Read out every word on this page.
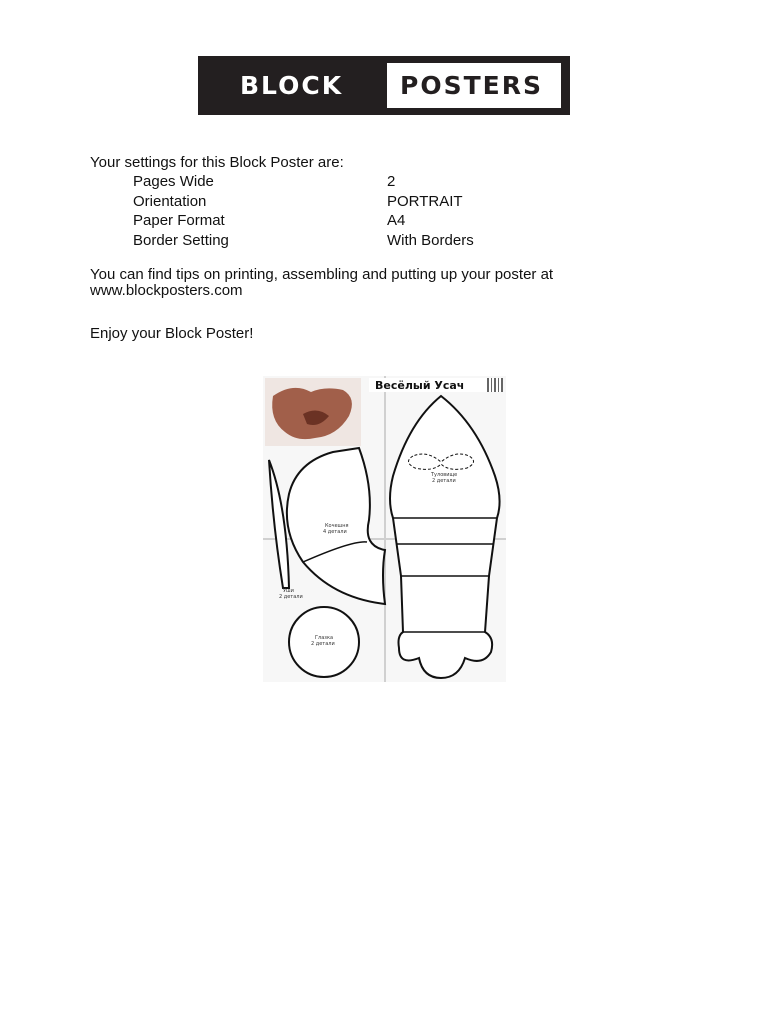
BLOCK POSTERS
Your settings for this Block Poster are:
Pages Wide	2
Orientation	PORTRAIT
Paper Format	A4
Border Setting	With Borders
You can find tips on printing, assembling and putting up your poster at
www.blockposters.com
Enjoy your Block Poster!
Весёлый Усач
Кочешня
4 детали
Уши
2 детали
Глазка
2 детали
Туловище
2 детали
